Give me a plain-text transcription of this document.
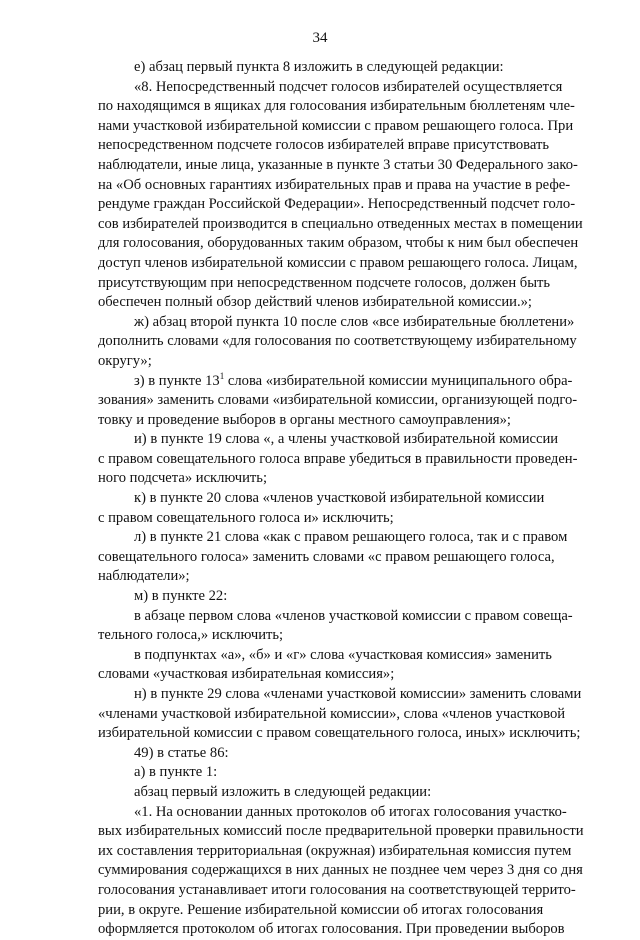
34
е) абзац первый пункта 8 изложить в следующей редакции:
«8. Непосредственный подсчет голосов избирателей осуществляется
по находящимся в ящиках для голосования избирательным бюллетеням чле-
нами участковой избирательной комиссии с правом решающего голоса. При
непосредственном подсчете голосов избирателей вправе присутствовать
наблюдатели, иные лица, указанные в пункте 3 статьи 30 Федерального зако-
на «Об основных гарантиях избирательных прав и права на участие в рефе-
рендуме граждан Российской Федерации». Непосредственный подсчет голо-
сов избирателей производится в специально отведенных местах в помещении
для голосования, оборудованных таким образом, чтобы к ним был обеспечен
доступ членов избирательной комиссии с правом решающего голоса. Лицам,
присутствующим при непосредственном подсчете голосов, должен быть
обеспечен полный обзор действий членов избирательной комиссии.»;
ж) абзац второй пункта 10 после слов «все избирательные бюллетени»
дополнить словами «для голосования по соответствующему избирательному
округу»;
з) в пункте $13^1$ слова «избирательной комиссии муниципального обра-
зования» заменить словами «избирательной комиссии, организующей подго-
товку и проведение выборов в органы местного самоуправления»;
и) в пункте 19 слова «, а члены участковой избирательной комиссии
с правом совещательного голоса вправе убедиться в правильности проведен-
ного подсчета» исключить;
к) в пункте 20 слова «членов участковой избирательной комиссии
с правом совещательного голоса и» исключить;
л) в пункте 21 слова «как с правом решающего голоса, так и с правом
совещательного голоса» заменить словами «с правом решающего голоса,
наблюдатели»;
м) в пункте 22:
в абзаце первом слова «членов участковой комиссии с правом совеща-
тельного голоса,» исключить;
в подпунктах «а», «б» и «г» слова «участковая комиссия» заменить
словами «участковая избирательная комиссия»;
н) в пункте 29 слова «членами участковой комиссии» заменить словами
«членами участковой избирательной комиссии», слова «членов участковой
избирательной комиссии с правом совещательного голоса, иных» исключить;
49) в статье 86:
а) в пункте 1:
абзац первый изложить в следующей редакции:
«1. На основании данных протоколов об итогах голосования участко-
вых избирательных комиссий после предварительной проверки правильности
их составления территориальная (окружная) избирательная комиссия путем
суммирования содержащихся в них данных не позднее чем через 3 дня со дня
голосования устанавливает итоги голосования на соответствующей террито-
рии, в округе. Решение избирательной комиссии об итогах голосования
оформляется протоколом об итогах голосования. При проведении выборов
